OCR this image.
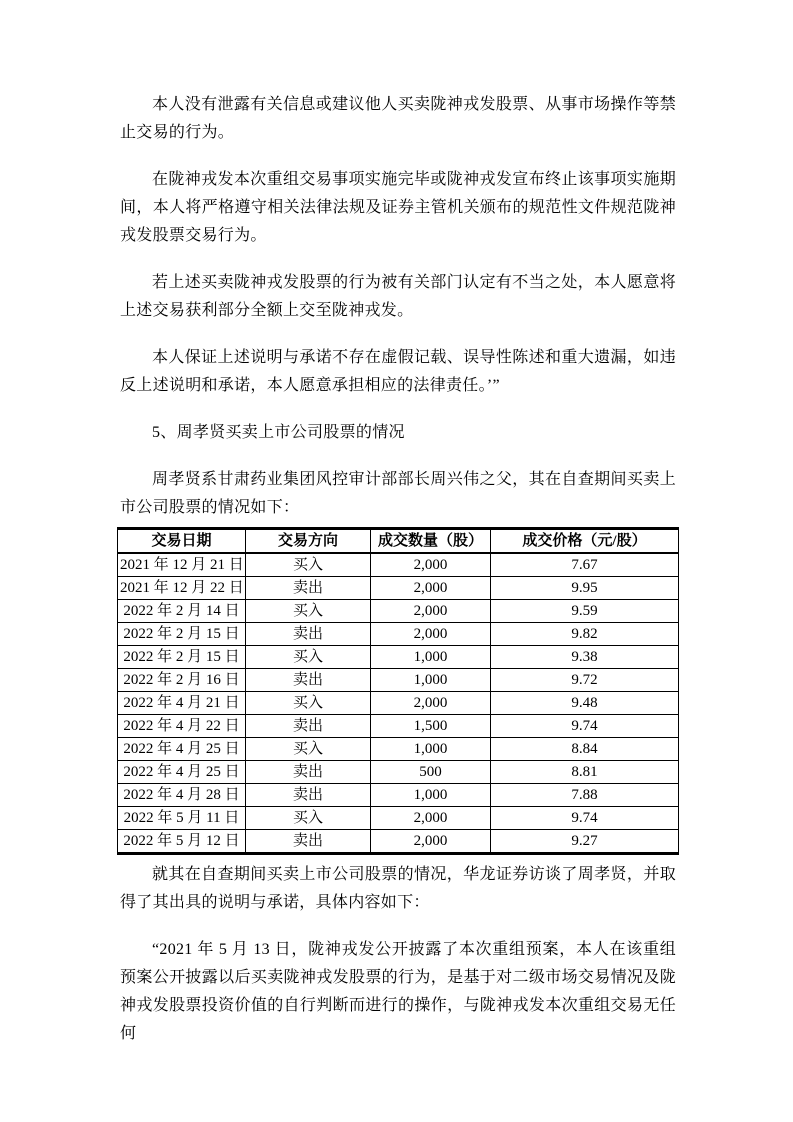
本人没有泄露有关信息或建议他人买卖陇神戎发股票、从事市场操作等禁止交易的行为。

在陇神戎发本次重组交易事项实施完毕或陇神戎发宣布终止该事项实施期间，本人将严格遵守相关法律法规及证券主管机关颁布的规范性文件规范陇神戎发股票交易行为。

若上述买卖陇神戎发股票的行为被有关部门认定有不当之处，本人愿意将上述交易获利部分全额上交至陇神戎发。

本人保证上述说明与承诺不存在虚假记载、误导性陈述和重大遗漏，如违反上述说明和承诺，本人愿意承担相应的法律责任。’”

5、周孝贤买卖上市公司股票的情况

周孝贤系甘肃药业集团风控审计部部长周兴伟之父，其在自查期间买卖上市公司股票的情况如下：

交易日期	交易方向	成交数量（股）	成交价格（元/股）
2021 年 12 月 21 日	买入	2,000	7.67
2021 年 12 月 22 日	卖出	2,000	9.95
2022 年 2 月 14 日	买入	2,000	9.59
2022 年 2 月 15 日	卖出	2,000	9.82
2022 年 2 月 15 日	买入	1,000	9.38
2022 年 2 月 16 日	卖出	1,000	9.72
2022 年 4 月 21 日	买入	2,000	9.48
2022 年 4 月 22 日	卖出	1,500	9.74
2022 年 4 月 25 日	买入	1,000	8.84
2022 年 4 月 25 日	卖出	500	8.81
2022 年 4 月 28 日	卖出	1,000	7.88
2022 年 5 月 11 日	买入	2,000	9.74
2022 年 5 月 12 日	卖出	2,000	9.27

就其在自查期间买卖上市公司股票的情况，华龙证券访谈了周孝贤，并取得了其出具的说明与承诺，具体内容如下：

“2021 年 5 月 13 日，陇神戎发公开披露了本次重组预案，本人在该重组预案公开披露以后买卖陇神戎发股票的行为，是基于对二级市场交易情况及陇神戎发股票投资价值的自行判断而进行的操作，与陇神戎发本次重组交易无任何
